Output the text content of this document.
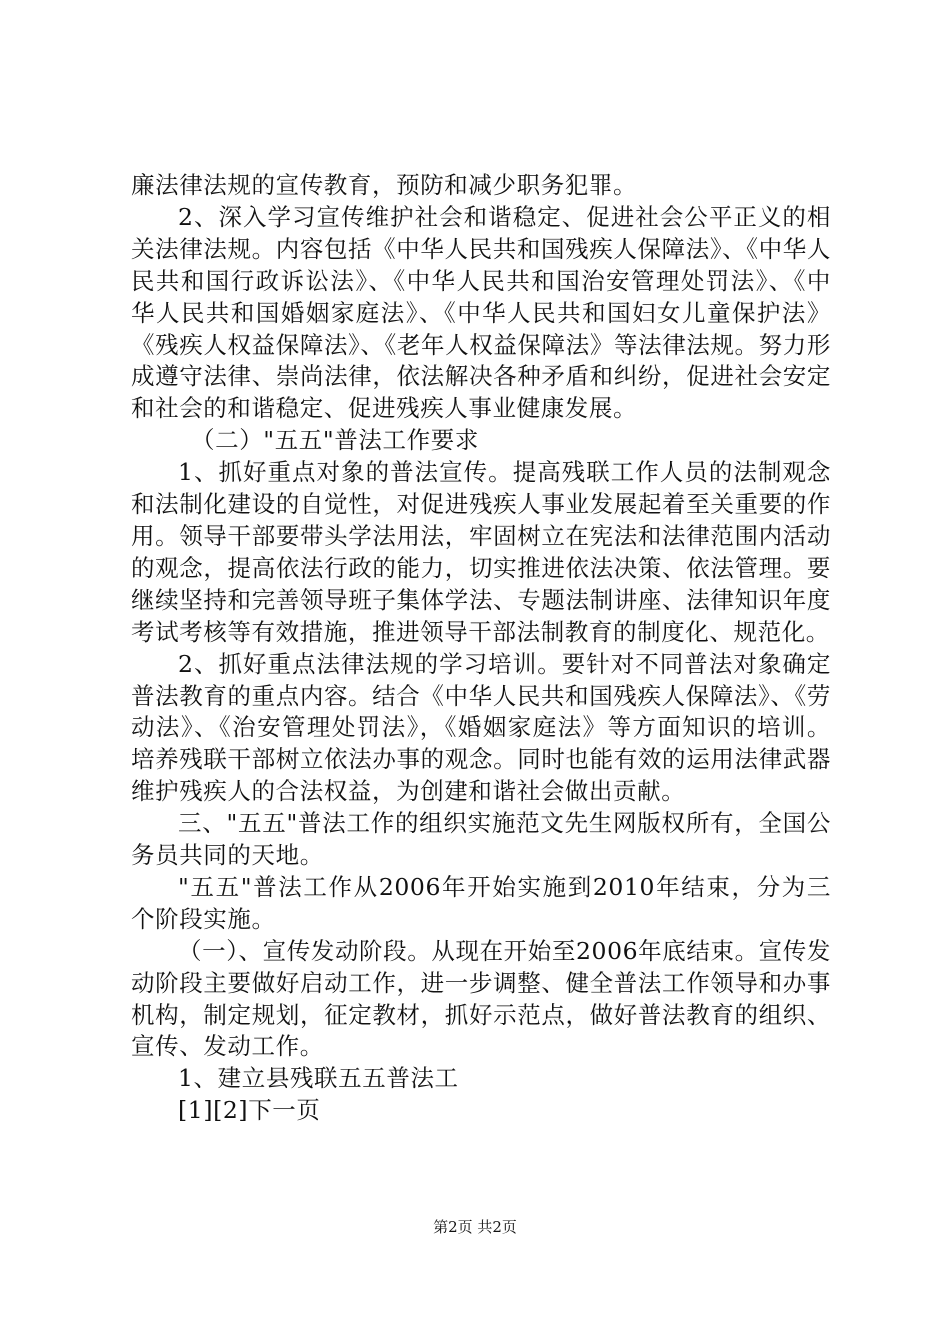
廉法律法规的宣传教育，预防和减少职务犯罪。

2、深入学习宣传维护社会和谐稳定、促进社会公平正义的相关法律法规。内容包括《中华人民共和国残疾人保障法》、《中华人民共和国行政诉讼法》、《中华人民共和国治安管理处罚法》、《中华人民共和国婚姻家庭法》、《中华人民共和国妇女儿童保护法》《残疾人权益保障法》、《老年人权益保障法》等法律法规。努力形成遵守法律、崇尚法律，依法解决各种矛盾和纠纷，促进社会安定和社会的和谐稳定、促进残疾人事业健康发展。

（二）"五五"普法工作要求

1、抓好重点对象的普法宣传。提高残联工作人员的法制观念和法制化建设的自觉性，对促进残疾人事业发展起着至关重要的作用。领导干部要带头学法用法，牢固树立在宪法和法律范围内活动的观念，提高依法行政的能力，切实推进依法决策、依法管理。要继续坚持和完善领导班子集体学法、专题法制讲座、法律知识年度考试考核等有效措施，推进领导干部法制教育的制度化、规范化。

2、抓好重点法律法规的学习培训。要针对不同普法对象确定普法教育的重点内容。结合《中华人民共和国残疾人保障法》、《劳动法》、《治安管理处罚法》，《婚姻家庭法》等方面知识的培训。培养残联干部树立依法办事的观念。同时也能有效的运用法律武器维护残疾人的合法权益，为创建和谐社会做出贡献。

三、"五五"普法工作的组织实施范文先生网版权所有，全国公务员共同的天地。

"五五"普法工作从2006年开始实施到2010年结束，分为三个阶段实施。

（一）、宣传发动阶段。从现在开始至2006年底结束。宣传发动阶段主要做好启动工作，进一步调整、健全普法工作领导和办事机构，制定规划，征定教材，抓好示范点，做好普法教育的组织、宣传、发动工作。

1、建立县残联五五普法工

[1][2]下一页

第2页 共2页
